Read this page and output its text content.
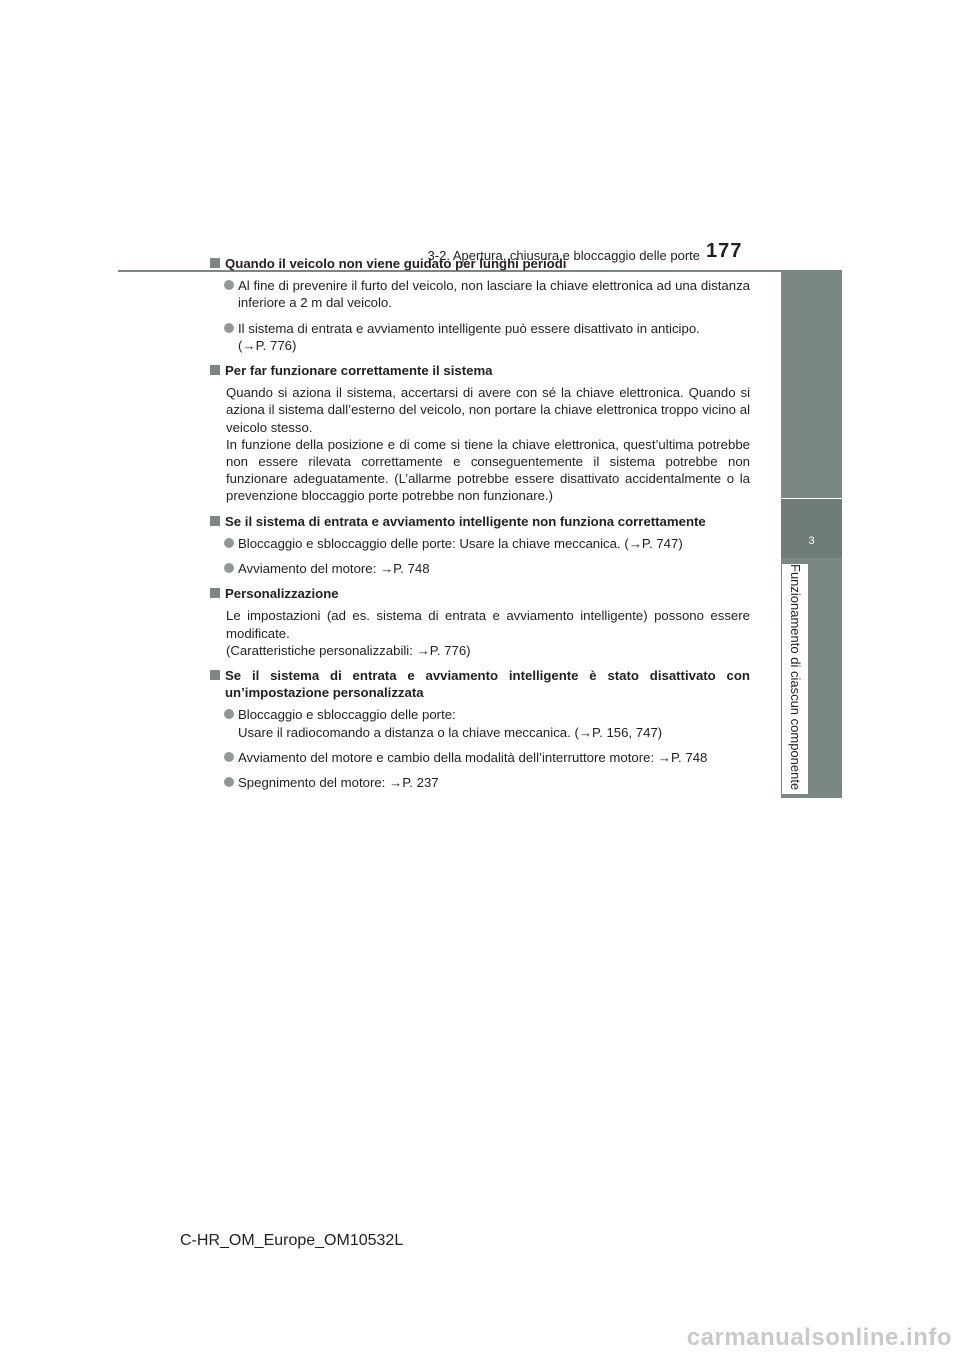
3-2. Apertura, chiusura e bloccaggio delle porte 177
3
Funzionamento di ciascun componente
Quando il veicolo non viene guidato per lunghi periodi
Al fine di prevenire il furto del veicolo, non lasciare la chiave elettronica ad una distanza inferiore a 2 m dal veicolo.
Il sistema di entrata e avviamento intelligente può essere disattivato in anticipo.
(→P. 776)
Per far funzionare correttamente il sistema
Quando si aziona il sistema, accertarsi di avere con sé la chiave elettronica. Quando si aziona il sistema dall’esterno del veicolo, non portare la chiave elettronica troppo vicino al veicolo stesso.
In funzione della posizione e di come si tiene la chiave elettronica, quest’ultima potrebbe non essere rilevata correttamente e conseguentemente il sistema potrebbe non funzionare adeguatamente. (L’allarme potrebbe essere disattivato accidentalmente o la prevenzione bloccaggio porte potrebbe non funzionare.)
Se il sistema di entrata e avviamento intelligente non funziona correttamente
Bloccaggio e sbloccaggio delle porte: Usare la chiave meccanica. (→P. 747)
Avviamento del motore: →P. 748
Personalizzazione
Le impostazioni (ad es. sistema di entrata e avviamento intelligente) possono essere modificate.
(Caratteristiche personalizzabili: →P. 776)
Se il sistema di entrata e avviamento intelligente è stato disattivato con un’impostazione personalizzata
Bloccaggio e sbloccaggio delle porte:
Usare il radiocomando a distanza o la chiave meccanica. (→P. 156, 747)
Avviamento del motore e cambio della modalità dell’interruttore motore: →P. 748
Spegnimento del motore: →P. 237
C-HR_OM_Europe_OM10532L
carmanualsonline.info
